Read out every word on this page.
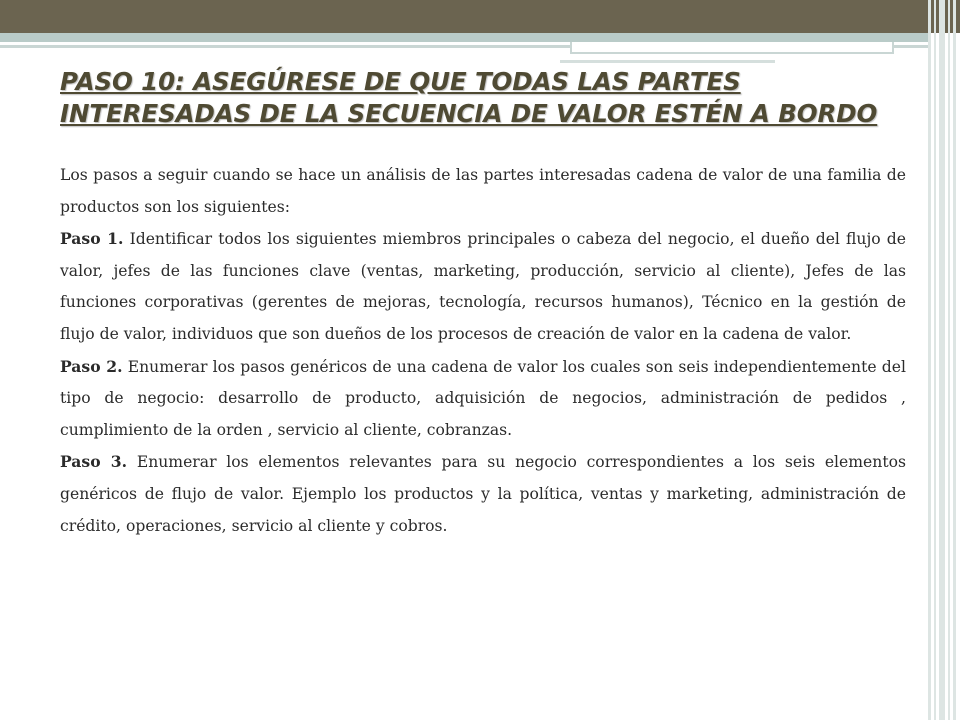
PASO 10: ASEGÚRESE DE QUE TODAS LAS PARTES INTERESADAS DE LA SECUENCIA DE VALOR ESTÉN A BORDO

Los pasos a seguir cuando se hace un análisis de las partes interesadas cadena de valor de una familia de productos son los siguientes:

Paso 1. Identificar todos los siguientes miembros principales o cabeza del negocio, el dueño del flujo de valor, jefes de las funciones clave (ventas, marketing, producción, servicio al cliente), Jefes de las funciones corporativas (gerentes de mejoras, tecnología, recursos humanos), Técnico en la gestión de flujo de valor, individuos que son dueños de los procesos de creación de valor en la cadena de valor.

Paso 2. Enumerar los pasos genéricos de una cadena de valor los cuales son seis independientemente del tipo de negocio: desarrollo de producto, adquisición de negocios, administración de pedidos , cumplimiento de la orden , servicio al cliente, cobranzas.

Paso 3. Enumerar los elementos relevantes para su negocio correspondientes a los seis elementos genéricos de flujo de valor. Ejemplo los productos y la política, ventas y marketing, administración de crédito, operaciones, servicio al cliente y cobros.
